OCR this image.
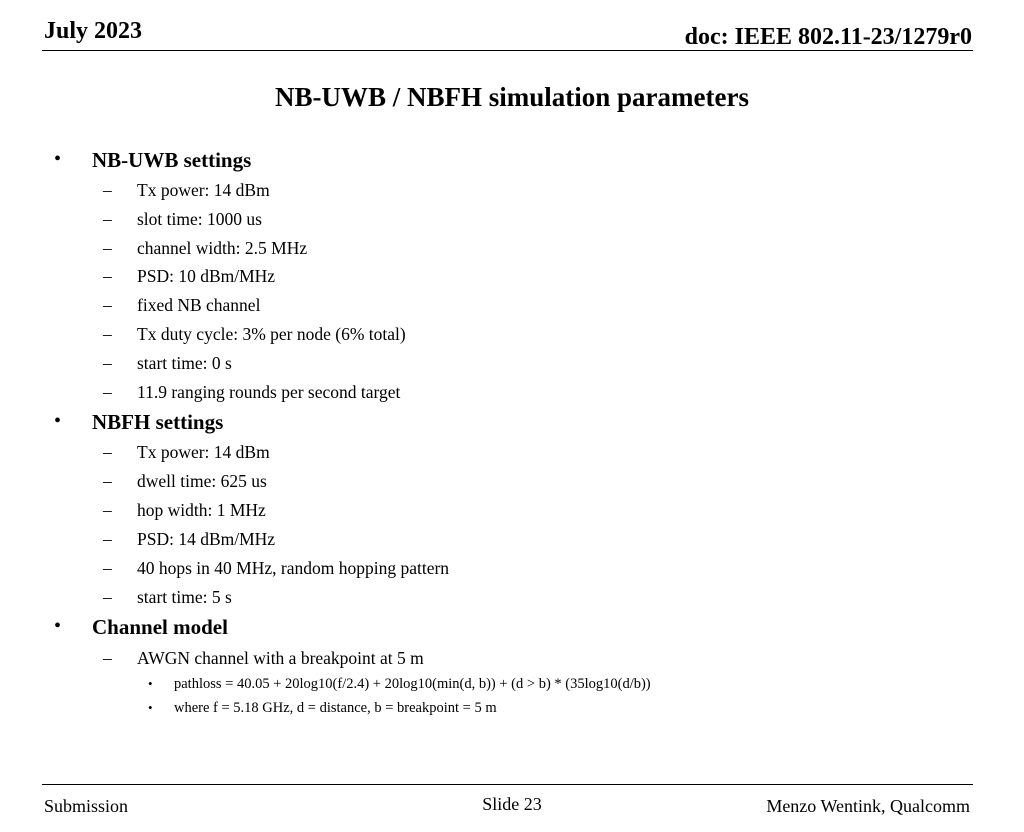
July 2023	doc: IEEE 802.11-23/1279r0
NB-UWB / NBFH simulation parameters
• NB-UWB settings
– Tx power: 14 dBm
– slot time: 1000 us
– channel width: 2.5 MHz
– PSD: 10 dBm/MHz
– fixed NB channel
– Tx duty cycle: 3% per node (6% total)
– start time: 0 s
– 11.9 ranging rounds per second target
• NBFH settings
– Tx power: 14 dBm
– dwell time: 625 us
– hop width: 1 MHz
– PSD: 14 dBm/MHz
– 40 hops in 40 MHz, random hopping pattern
– start time: 5 s
• Channel model
– AWGN channel with a breakpoint at 5 m
• pathloss = 40.05 + 20log10(f/2.4) + 20log10(min(d, b)) + (d > b) * (35log10(d/b))
• where f = 5.18 GHz, d = distance, b = breakpoint = 5 m
Submission	Slide 23	Menzo Wentink, Qualcomm
